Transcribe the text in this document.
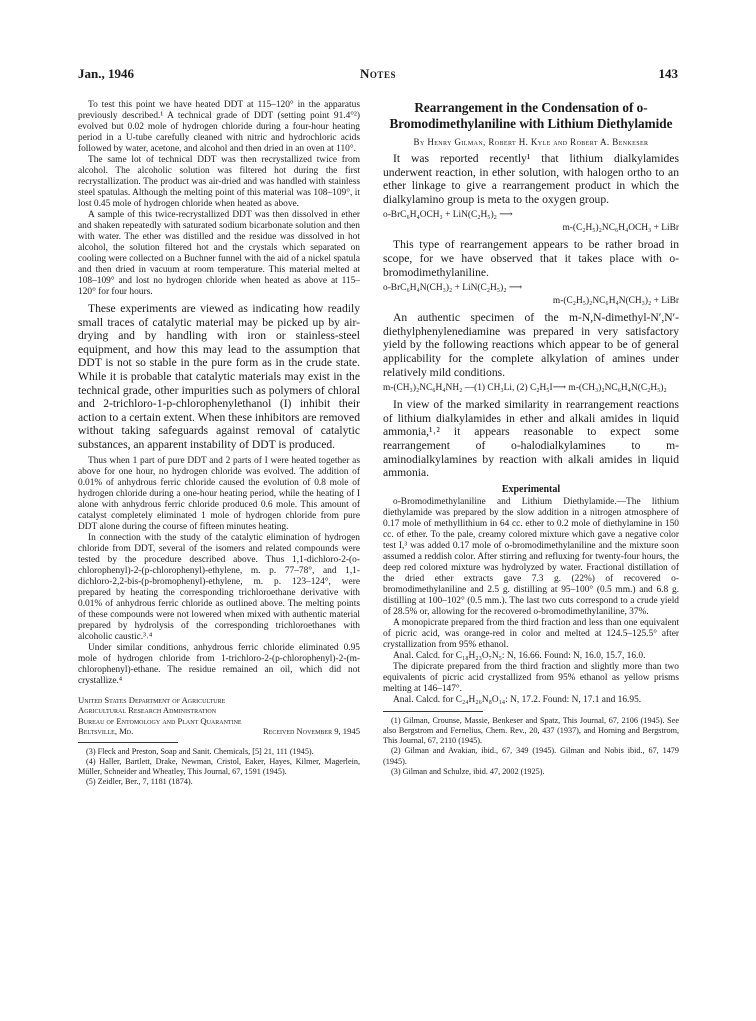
Jan., 1946	Notes	143

To test this point we have heated DDT at 115–120° in the apparatus previously described.¹ A technical grade of DDT (setting point 91.4°²) evolved but 0.02 mole of hydrogen chloride during a four-hour heating period in a U-tube carefully cleaned with nitric and hydrochloric acids followed by water, acetone, and alcohol and then dried in an oven at 110°.

The same lot of technical DDT was then recrystallized twice from alcohol. The alcoholic solution was filtered hot during the first recrystallization. The product was air-dried and was handled with stainless steel spatulas. Although the melting point of this material was 108–109°, it lost 0.45 mole of hydrogen chloride when heated as above.

A sample of this twice-recrystallized DDT was then dissolved in ether and shaken repeatedly with saturated sodium bicarbonate solution and then with water. The ether was distilled and the residue was dissolved in hot alcohol, the solution filtered hot and the crystals which separated on cooling were collected on a Buchner funnel with the aid of a nickel spatula and then dried in vacuum at room temperature. This material melted at 108–109° and lost no hydrogen chloride when heated as above at 115–120° for four hours.

These experiments are viewed as indicating how readily small traces of catalytic material may be picked up by air-drying and by handling with iron or stainless-steel equipment, and how this may lead to the assumption that DDT is not so stable in the pure form as in the crude state. While it is probable that catalytic materials may exist in the technical grade, other impurities such as polymers of chloral and 2-trichloro-1-p-chlorophenylethanol (I) inhibit their action to a certain extent. When these inhibitors are removed without taking safeguards against removal of catalytic substances, an apparent instability of DDT is produced.

Thus when 1 part of pure DDT and 2 parts of I were heated together as above for one hour, no hydrogen chloride was evolved. The addition of 0.01% of anhydrous ferric chloride caused the evolution of 0.8 mole of hydrogen chloride during a one-hour heating period, while the heating of I alone with anhydrous ferric chloride produced 0.6 mole. This amount of catalyst completely eliminated 1 mole of hydrogen chloride from pure DDT alone during the course of fifteen minutes heating.

In connection with the study of the catalytic elimination of hydrogen chloride from DDT, several of the isomers and related compounds were tested by the procedure described above. Thus 1,1-dichloro-2-(o-chlorophenyl)-2-(p-chlorophenyl)-ethylene, m. p. 77–78°, and 1,1-dichloro-2,2-bis-(p-bromophenyl)-ethylene, m. p. 123–124°, were prepared by heating the corresponding trichloroethane derivative with 0.01% of anhydrous ferric chloride as outlined above. The melting points of these compounds were not lowered when mixed with authentic material prepared by hydrolysis of the corresponding trichloroethanes with alcoholic caustic.³˒⁴

Under similar conditions, anhydrous ferric chloride eliminated 0.95 mole of hydrogen chloride from 1-trichloro-2-(p-chlorophenyl)-2-(m-chlorophenyl)-ethane. The residue remained an oil, which did not crystallize.⁴

United States Department of Agriculture
Agricultural Research Administration
Bureau of Entomology and Plant Quarantine
Beltsville, Md.	Received November 9, 1945

(3) Fleck and Preston, Soap and Sanit. Chemicals, [5] 21, 111 (1945).

(4) Haller, Bartlett, Drake, Newman, Cristol, Eaker, Hayes, Kilmer, Magerlein, Müller, Schneider and Wheatley, This Journal, 67, 1591 (1945).

(5) Zeidler, Ber., 7, 1181 (1874).

Rearrangement in the Condensation of o-Bromodimethylaniline with Lithium Diethylamide
By Henry Gilman, Robert H. Kyle and Robert A. Benkeser

It was reported recently¹ that lithium dialkylamides underwent reaction, in ether solution, with halogen ortho to an ether linkage to give a rearrangement product in which the dialkylamino group is meta to the oxygen group.

o-BrC₆H₄OCH₃ + LiN(C₂H₅)₂ ⟶
m-(C₂H₅)₂NC₆H₄OCH₃ + LiBr

This type of rearrangement appears to be rather broad in scope, for we have observed that it takes place with o-bromodimethylaniline.

o-BrC₆H₄N(CH₃)₂ + LiN(C₂H₅)₂ ⟶
m-(C₂H₅)₂NC₆H₄N(CH₃)₂ + LiBr

An authentic specimen of the m-N,N-dimethyl-N′,N′-diethylphenylenediamine was prepared in very satisfactory yield by the following reactions which appear to be of general applicability for the complete alkylation of amines under relatively mild conditions.

m-(CH₃)₂NC₆H₄NH₂ —(1) CH₃Li, (2) C₂H₅I⟶ m-(CH₃)₂NC₆H₄N(C₂H₅)₂

In view of the marked similarity in rearrangement reactions of lithium dialkylamides in ether and alkali amides in liquid ammonia,¹˒² it appears reasonable to expect some rearrangement of o-halodialkylamines to m-aminodialkylamines by reaction with alkali amides in liquid ammonia.

Experimental

o-Bromodimethylaniline and Lithium Diethylamide.—The lithium diethylamide was prepared by the slow addition in a nitrogen atmosphere of 0.17 mole of methyllithium in 64 cc. ether to 0.2 mole of diethylamine in 150 cc. of ether. To the pale, creamy colored mixture which gave a negative color test I,³ was added 0.17 mole of o-bromodimethylaniline and the mixture soon assumed a reddish color. After stirring and refluxing for twenty-four hours, the deep red colored mixture was hydrolyzed by water. Fractional distillation of the dried ether extracts gave 7.3 g. (22%) of recovered o-bromodimethylaniline and 2.5 g. distilling at 95–100° (0.5 mm.) and 6.8 g. distilling at 100–102° (0.5 mm.). The last two cuts correspond to a crude yield of 28.5% or, allowing for the recovered o-bromodimethylaniline, 37%.

A monopicrate prepared from the third fraction and less than one equivalent of picric acid, was orange-red in color and melted at 124.5–125.5° after crystallization from 95% ethanol.

Anal. Calcd. for C₁₈H₂₃O₇N₅: N, 16.66. Found: N, 16.0, 15.7, 16.0.

The dipicrate prepared from the third fraction and slightly more than two equivalents of picric acid crystallized from 95% ethanol as yellow prisms melting at 146–147°.

Anal. Calcd. for C₂₄H₂₆N₈O₁₄: N, 17.2. Found: N, 17.1 and 16.95.

(1) Gilman, Crounse, Massie, Benkeser and Spatz, This Journal, 67, 2106 (1945). See also Bergstrom and Fernelius, Chem. Rev., 20, 437 (1937), and Horning and Bergstrom, This Journal, 67, 2110 (1945).

(2) Gilman and Avakian, ibid., 67, 349 (1945). Gilman and Nobis ibid., 67, 1479 (1945).

(3) Gilman and Schulze, ibid. 47, 2002 (1925).
